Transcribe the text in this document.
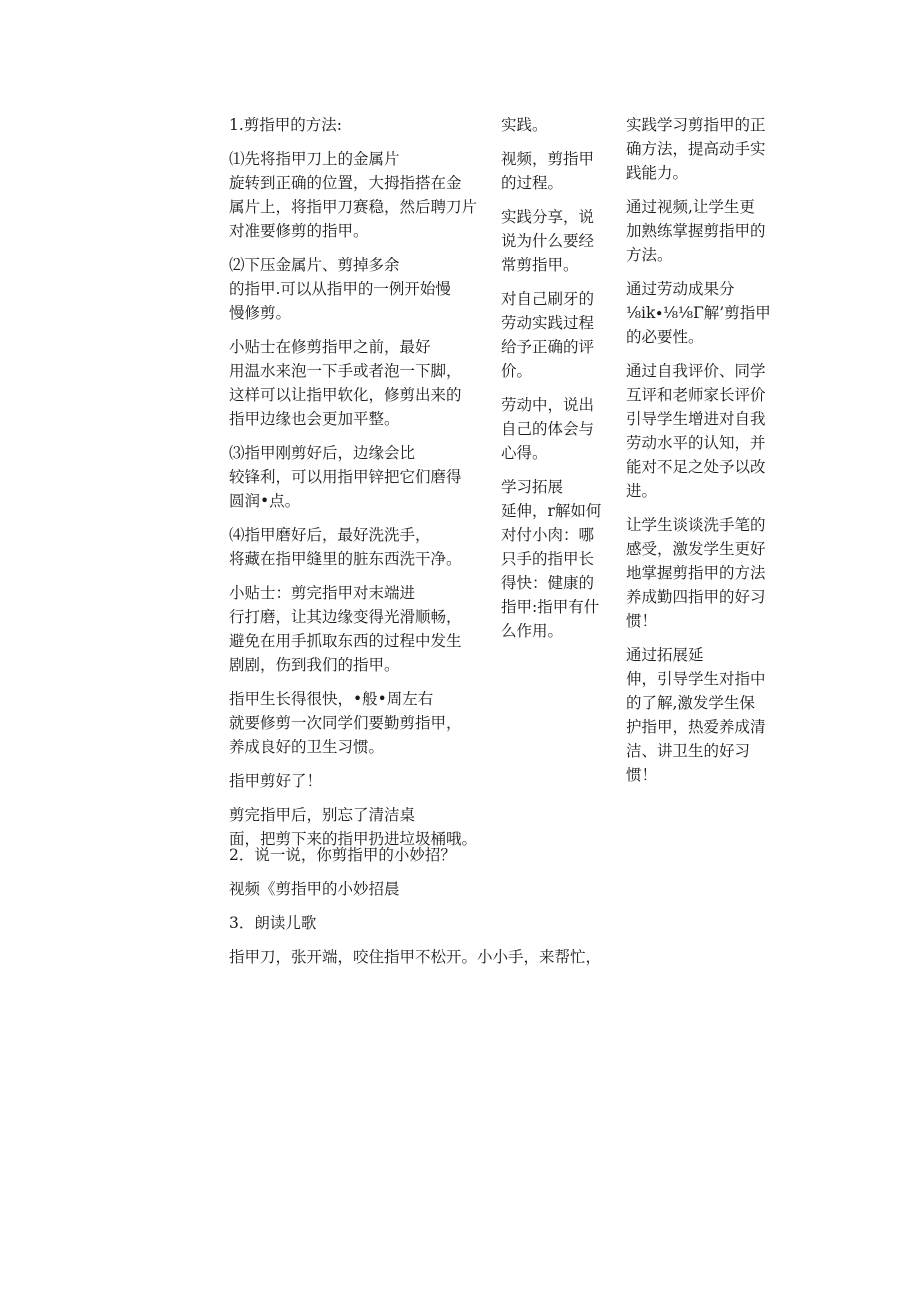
1.剪指甲的方法:

⑴先将指甲刀上的金属片
旋转到正确的位置，大拇指搭在金
属片上，将指甲刀赛稳，然后聘刀片
对准要修剪的指甲。

⑵下压金属片、剪掉多余
的指甲.可以从指甲的一例开始慢
慢修剪。

小贴士在修剪指甲之前，最好
用温水来泡一下手或者泡一下脚，
这样可以让指甲软化，修剪出来的
指甲边缘也会更加平整。

⑶指甲刚剪好后，边缘会比
较锋利，可以用指甲锌把它们磨得
圆润•点。

⑷指甲磨好后，最好洗洗手，
将藏在指甲缝里的脏东西洗干净。

小贴士：剪完指甲对末端进
行打磨，让其边缘变得光滑顺畅，
避免在用手抓取东西的过程中发生
剧剧，伤到我们的指甲。

指甲生长得很快，•般•周左右
就要修剪一次同学们要勤剪指甲，
养成良好的卫生习惯。

指甲剪好了！

剪完指甲后，别忘了清洁桌
面，把剪下来的指甲扔进垃圾桶哦。

实践。

视频，剪指甲
的过程。

实践分享，说
说为什么要经
常剪指甲。

对自己刷牙的
劳动实践过程
给予正确的评
价。

劳动中，说出
自己的体会与
心得。

学习拓展
延伸，r解如何
对付小肉：哪
只手的指甲长
得快：健康的
指甲:指甲有什
么作用。

实践学习剪指甲的正
确方法，提高动手实
践能力。

通过视频,让学生更
加熟练掌握剪指甲的
方法。

通过劳动成果分
⅛ik∙⅛⅛Γ解’剪指甲
的必要性。

通过自我评价、同学
互评和老师家长评价
引导学生增进对自我
劳动水平的认知，并
能对不足之处予以改
进。

让学生谈谈洗手笔的
感受，激发学生更好
地掌握剪指甲的方法
养成勤四指甲的好习
惯！

通过拓展延
伸，引导学生对指中
的了解,激发学生保
护指甲，热爱养成清
洁、讲卫生的好习
惯！

2．说一说，你剪指甲的小妙招？

视频《剪指甲的小妙招晨

3．朗读儿歌

指甲刀，张开端，咬住指甲不松开。小小手，来帮忙，
